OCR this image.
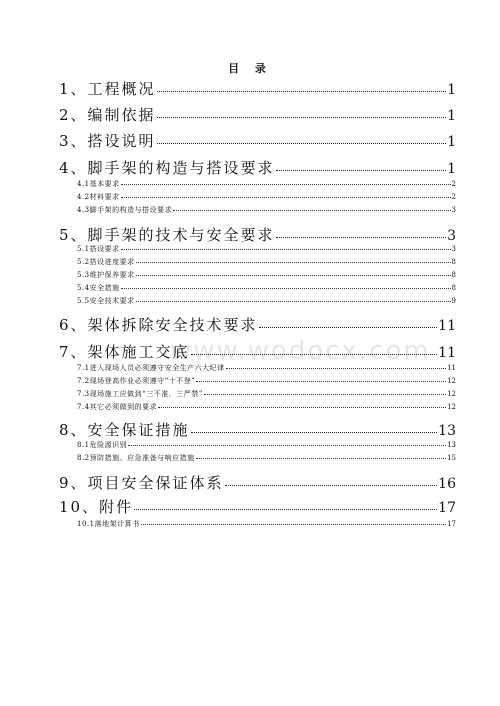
目 录
www.wodocx.com
1、工程概况	1
2、编制依据	1
3、搭设说明	1
4、脚手架的构造与搭设要求	1
4.1基本要求	2
4.2材料要求	2
4.3脚手架的构造与搭设要求	3
5、脚手架的技术与安全要求	3
5.1搭设要求	3
5.2搭设进度要求	8
5.3维护保养要求	8
5.4安全措施	8
5.5安全技术要求	9
6、架体拆除安全技术要求	11
7、架体施工交底	11
7.1进入现场人员必须遵守安全生产六大纪律	11
7.2现场登高作业必须遵守“十不登”	12
7.3现场施工应做到“三不准，三严禁”	12
7.4其它必须做到的要求	12
8、安全保证措施	13
8.1危险源识别	13
8.2预防措施、应急准备与响应措施	15
9、项目安全保证体系	16
10、附件	17
10.1落地架计算书	17
